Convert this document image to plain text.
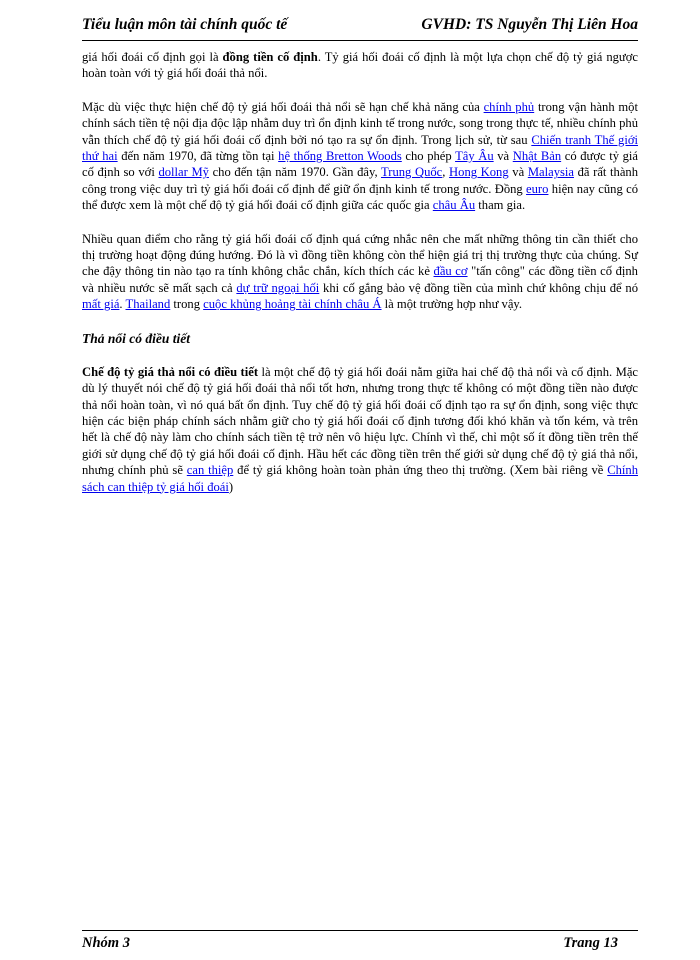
Tiểu luận môn tài chính quốc tế	GVHD: TS Nguyễn Thị Liên Hoa

giá hối đoái cố định gọi là đồng tiền cố định. Tỷ giá hối đoái cố định là một lựa chọn chế độ tỷ giá ngược hoàn toàn với tỷ giá hối đoái thả nổi.

Mặc dù việc thực hiện chế độ tỷ giá hối đoái thả nổi sẽ hạn chế khả năng của chính phủ trong vận hành một chính sách tiền tệ nội địa độc lập nhằm duy trì ổn định kinh tế trong nước, song trong thực tế, nhiều chính phủ vẫn thích chế độ tỷ giá hối đoái cố định bởi nó tạo ra sự ổn định. Trong lịch sử, từ sau Chiến tranh Thế giới thứ hai đến năm 1970, đã từng tồn tại hệ thống Bretton Woods cho phép Tây Âu và Nhật Bản có được tỷ giá cố định so với dollar Mỹ cho đến tận năm 1970. Gần đây, Trung Quốc, Hong Kong và Malaysia đã rất thành công trong việc duy trì tỷ giá hối đoái cố định để giữ ổn định kinh tế trong nước. Đồng euro hiện nay cũng có thể được xem là một chế độ tỷ giá hối đoái cố định giữa các quốc gia châu Âu tham gia.

Nhiều quan điểm cho rằng tỷ giá hối đoái cố định quá cứng nhắc nên che mất những thông tin cần thiết cho thị trường hoạt động đúng hướng. Đó là vì đồng tiền không còn thể hiện giá trị thị trường thực của chúng. Sự che đậy thông tin nào tạo ra tính không chắc chắn, kích thích các kẻ đầu cơ "tấn công" các đồng tiền cố định và nhiều nước sẽ mất sạch cả dự trữ ngoại hối khi cố gắng bảo vệ đồng tiền của mình chứ không chịu để nó mất giá. Thailand trong cuộc khủng hoảng tài chính châu Á là một trường hợp như vậy.

Thả nổi có điều tiết

Chế độ tỷ giá thả nổi có điều tiết là một chế độ tỷ giá hối đoái nằm giữa hai chế độ thả nổi và cố định. Mặc dù lý thuyết nói chế độ tỷ giá hối đoái thả nổi tốt hơn, nhưng trong thực tế không có một đồng tiền nào được thả nổi hoàn toàn, vì nó quá bất ổn định. Tuy chế độ tỷ giá hối đoái cố định tạo ra sự ổn định, song việc thực hiện các biện pháp chính sách nhằm giữ cho tỷ giá hối đoái cố định tương đối khó khăn và tốn kém, và trên hết là chế độ này làm cho chính sách tiền tệ trở nên vô hiệu lực. Chính vì thế, chỉ một số ít đồng tiền trên thế giới sử dụng chế độ tỷ giá hối đoái cố định. Hầu hết các đồng tiền trên thế giới sử dụng chế độ tỷ giá thả nổi, nhưng chính phủ sẽ can thiệp để tỷ giá không hoàn toàn phản ứng theo thị trường. (Xem bài riêng về Chính sách can thiệp tỷ giá hối đoái)

Nhóm 3	Trang 13
